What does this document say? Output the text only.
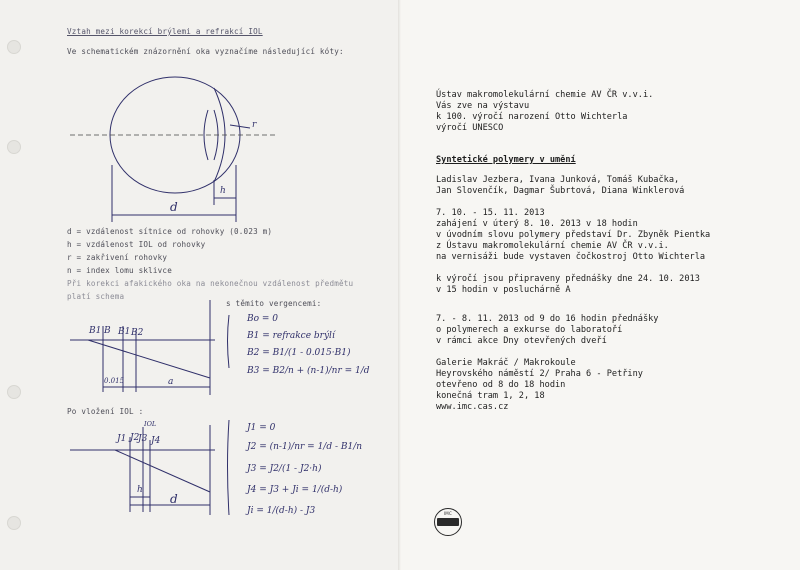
Vztah mezi korekcí brýlemi a refrakcí IOL
Ve schematickém znázornění oka vyznačíme následující kóty:
r
h
d
d = vzdálenost sítnice od rohovky (0.023 m)
h = vzdálenost IOL od rohovky
r = zakřivení rohovky
n = index lomu sklivce
Při korekci afakického oka na nekonečnou vzdálenost předmětu
platí schema
s těmito vergencemi:
B1 B B1 B2
0.015	a
Bo = 0
B1 = refrakce brýlí
B2 = B1/(1 - 0.015·B1)
B3 = B2/n + (n-1)/nr = 1/d
Po vložení IOL :
J1 J2
J3 J4
IOL
h
d
J1 = 0
J2 = (n-1)/nr = 1/d - B1/n
J3 = J2/(1 - J2·h)
J4 = J3 + Ji = 1/(d-h)
Ji = 1/(d-h) - J3
Ústav makromolekulární chemie AV ČR v.v.i.
Vás zve na výstavu
k 100. výročí narození Otto Wichterla
výročí UNESCO
Syntetické polymery v umění
Ladislav Jezbera, Ivana Junková, Tomáš Kubačka,
Jan Slovenčík, Dagmar Šubrtová, Diana Winklerová
7. 10. - 15. 11. 2013
zahájení v úterý 8. 10. 2013 v 18 hodin
v úvodním slovu polymery představí Dr. Zbyněk Pientka
z Ústavu makromolekulární chemie AV ČR v.v.i.
na vernisáži bude vystaven čočkostroj Otto Wichterla
k výročí jsou připraveny přednášky dne 24. 10. 2013
v 15 hodin v posluchárně A
7. - 8. 11. 2013 od 9 do 16 hodin přednášky
o polymerech a exkurse do laboratoří
v rámci akce Dny otevřených dveří
Galerie Makráč / Makrokoule
Heyrovského náměstí 2/ Praha 6 - Petřiny
otevřeno od 8 do 18 hodin
konečná tram 1, 2, 18
www.imc.cas.cz
IMC
